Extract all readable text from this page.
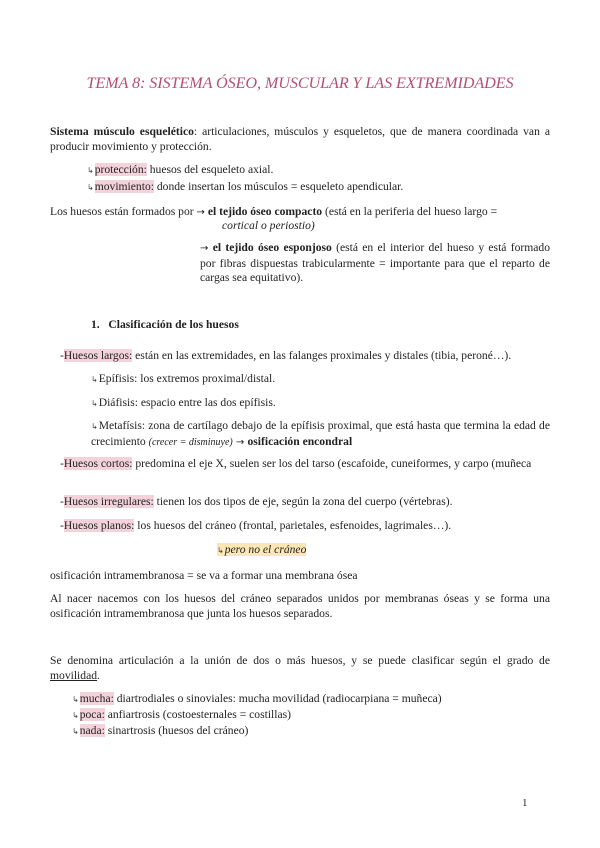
TEMA 8: SISTEMA ÓSEO, MUSCULAR Y LAS EXTREMIDADES
Sistema músculo esquelético: articulaciones, músculos y esqueletos, que de manera coordinada van a producir movimiento y protección.
↳protección: huesos del esqueleto axial.
↳movimiento: donde insertan los músculos = esqueleto apendicular.
Los huesos están formados por → el tejido óseo compacto (está en la periferia del hueso largo =
cortical o periostio)
→ el tejido óseo esponjoso (está en el interior del hueso y está formado por fibras dispuestas trabicularmente = importante para que el reparto de cargas sea equitativo).
1. Clasificación de los huesos
-Huesos largos: están en las extremidades, en las falanges proximales y distales (tibia, peroné…).
↳Epífisis: los extremos proximal/distal.
↳Diáfisis: espacio entre las dos epífisis.
↳Metafísis: zona de cartílago debajo de la epífisis proximal, que está hasta que termina la edad de crecimiento (crecer = disminuye) → osificación encondral
-Huesos cortos: predomina el eje X, suelen ser los del tarso (escafoide, cuneiformes, y carpo (muñeca
-Huesos irregulares: tienen los dos tipos de eje, según la zona del cuerpo (vértebras).
-Huesos planos: los huesos del cráneo (frontal, parietales, esfenoides, lagrimales…).
↳pero no el cráneo
osificación intramembranosa = se va a formar una membrana ósea
Al nacer nacemos con los huesos del cráneo separados unidos por membranas óseas y se forma una osificación intramembranosa que junta los huesos separados.
Se denomina articulación a la unión de dos o más huesos, y se puede clasificar según el grado de movilidad.
↳mucha: diartrodiales o sinoviales: mucha movilidad (radiocarpiana = muñeca)
↳poca: anfiartrosis (costoesternales = costillas)
↳nada: sinartrosis (huesos del cráneo)
1
